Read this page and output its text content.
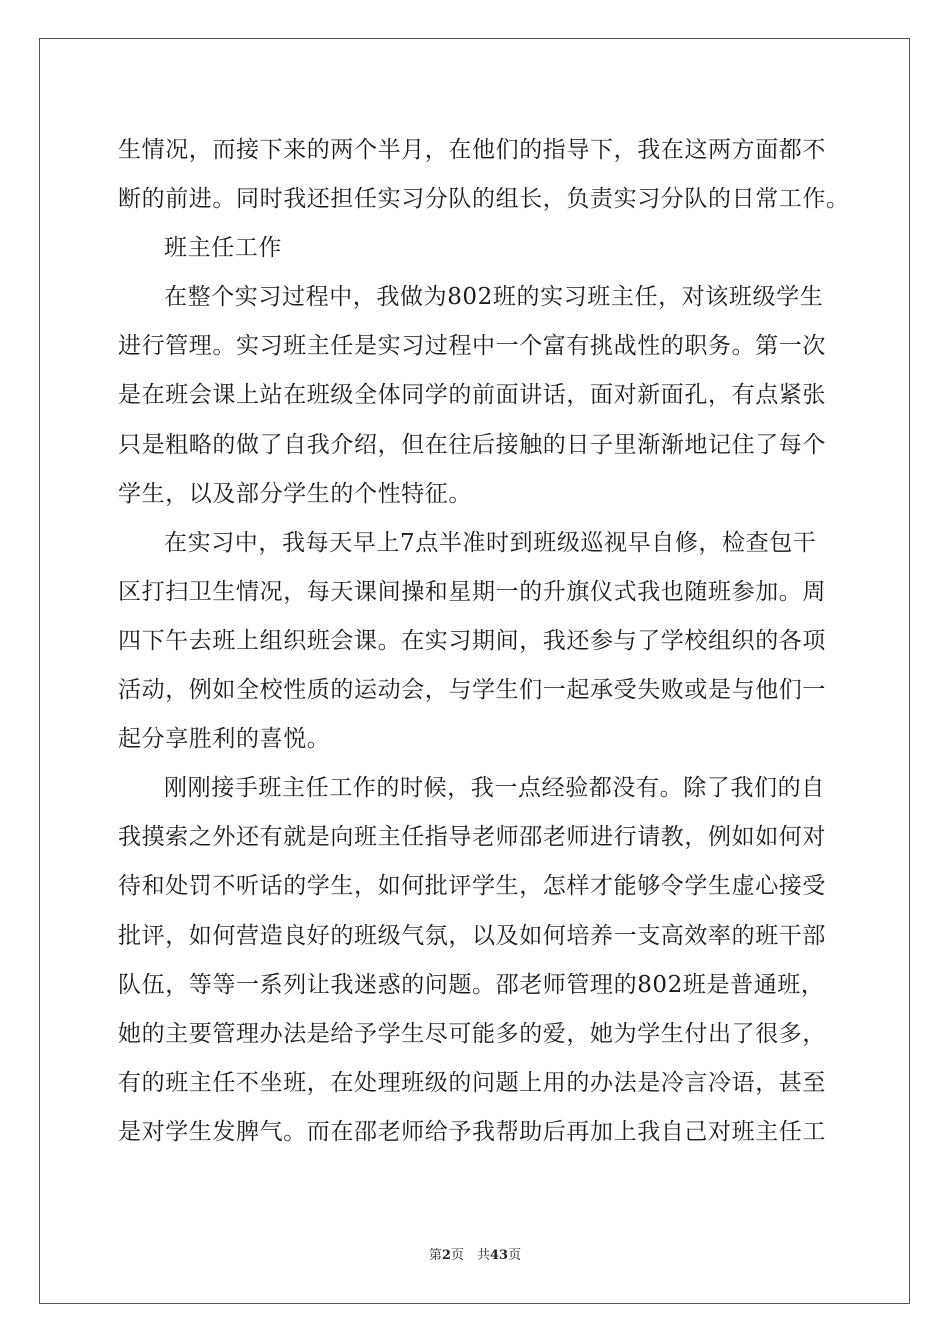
生情况，而接下来的两个半月，在他们的指导下，我在这两方面都不
断的前进。同时我还担任实习分队的组长，负责实习分队的日常工作。
班主任工作
在整个实习过程中，我做为802班的实习班主任，对该班级学生
进行管理。实习班主任是实习过程中一个富有挑战性的职务。第一次
是在班会课上站在班级全体同学的前面讲话，面对新面孔，有点紧张
只是粗略的做了自我介绍，但在往后接触的日子里渐渐地记住了每个
学生，以及部分学生的个性特征。
在实习中，我每天早上7点半准时到班级巡视早自修，检查包干
区打扫卫生情况，每天课间操和星期一的升旗仪式我也随班参加。周
四下午去班上组织班会课。在实习期间，我还参与了学校组织的各项
活动，例如全校性质的运动会，与学生们一起承受失败或是与他们一
起分享胜利的喜悦。
刚刚接手班主任工作的时候，我一点经验都没有。除了我们的自
我摸索之外还有就是向班主任指导老师邵老师进行请教，例如如何对
待和处罚不听话的学生，如何批评学生，怎样才能够令学生虚心接受
批评，如何营造良好的班级气氛，以及如何培养一支高效率的班干部
队伍，等等一系列让我迷惑的问题。邵老师管理的802班是普通班，
她的主要管理办法是给予学生尽可能多的爱，她为学生付出了很多，
有的班主任不坐班，在处理班级的问题上用的办法是冷言冷语，甚至
是对学生发脾气。而在邵老师给予我帮助后再加上我自己对班主任工
第2页　共43页
